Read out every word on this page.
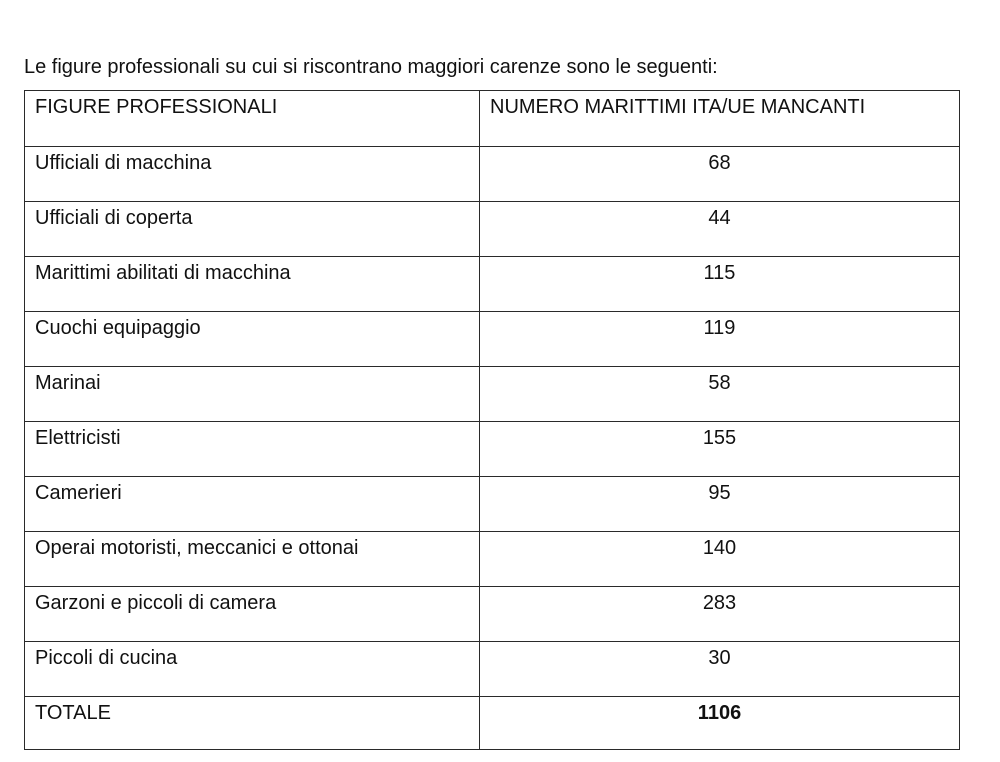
Le figure professionali su cui si riscontrano maggiori carenze sono le seguenti:

FIGURE PROFESSIONALI	NUMERO MARITTIMI ITA/UE MANCANTI
Ufficiali di macchina	68
Ufficiali di coperta	44
Marittimi abilitati di macchina	115
Cuochi equipaggio	119
Marinai	58
Elettricisti	155
Camerieri	95
Operai motoristi, meccanici e ottonai	140
Garzoni e piccoli di camera	283
Piccoli di cucina	30
TOTALE	1106
